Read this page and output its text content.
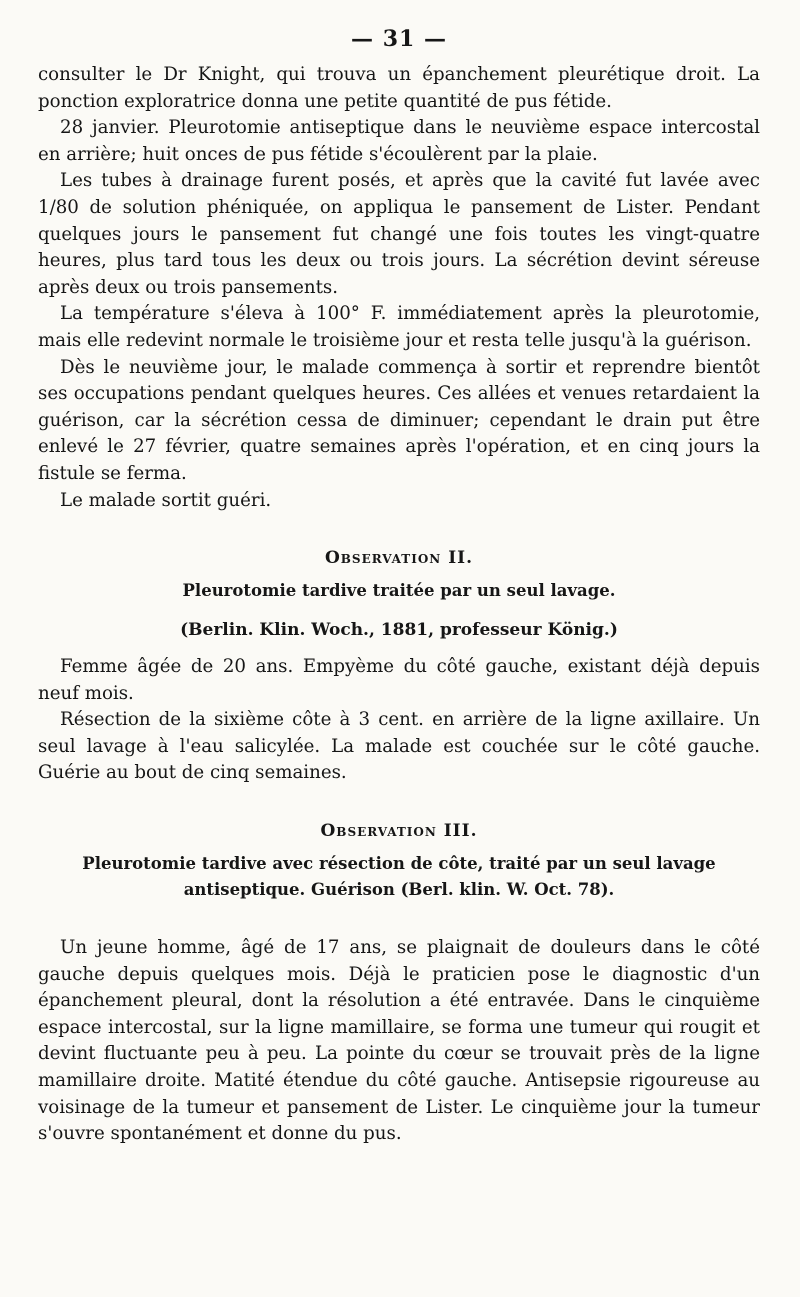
— 31 —

consulter le Dr Knight, qui trouva un épanchement pleurétique droit. La ponction exploratrice donna une petite quantité de pus fétide.

28 janvier. Pleurotomie antiseptique dans le neuvième espace intercostal en arrière; huit onces de pus fétide s'écoulèrent par la plaie.

Les tubes à drainage furent posés, et après que la cavité fut lavée avec 1/80 de solution phéniquée, on appliqua le pansement de Lister. Pendant quelques jours le pansement fut changé une fois toutes les vingt-quatre heures, plus tard tous les deux ou trois jours. La sécrétion devint séreuse après deux ou trois pansements.

La température s'éleva à 100° F. immédiatement après la pleurotomie, mais elle redevint normale le troisième jour et resta telle jusqu'à la guérison.

Dès le neuvième jour, le malade commença à sortir et reprendre bientôt ses occupations pendant quelques heures. Ces allées et venues retardaient la guérison, car la sécrétion cessa de diminuer; cependant le drain put être enlevé le 27 février, quatre semaines après l'opération, et en cinq jours la fistule se ferma.

Le malade sortit guéri.

Observation II.
Pleurotomie tardive traitée par un seul lavage.
(Berlin. Klin. Woch., 1881, professeur König.)

Femme âgée de 20 ans. Empyème du côté gauche, existant déjà depuis neuf mois.

Résection de la sixième côte à 3 cent. en arrière de la ligne axillaire. Un seul lavage à l'eau salicylée. La malade est couchée sur le côté gauche. Guérie au bout de cinq semaines.

Observation III.
Pleurotomie tardive avec résection de côte, traité par un seul lavage antiseptique. Guérison (Berl. klin. W. Oct. 78).

Un jeune homme, âgé de 17 ans, se plaignait de douleurs dans le côté gauche depuis quelques mois. Déjà le praticien pose le diagnostic d'un épanchement pleural, dont la résolution a été entravée. Dans le cinquième espace intercostal, sur la ligne mamillaire, se forma une tumeur qui rougit et devint fluctuante peu à peu. La pointe du cœur se trouvait près de la ligne mamillaire droite. Matité étendue du côté gauche. Antisepsie rigoureuse au voisinage de la tumeur et pansement de Lister. Le cinquième jour la tumeur s'ouvre spontanément et donne du pus.
